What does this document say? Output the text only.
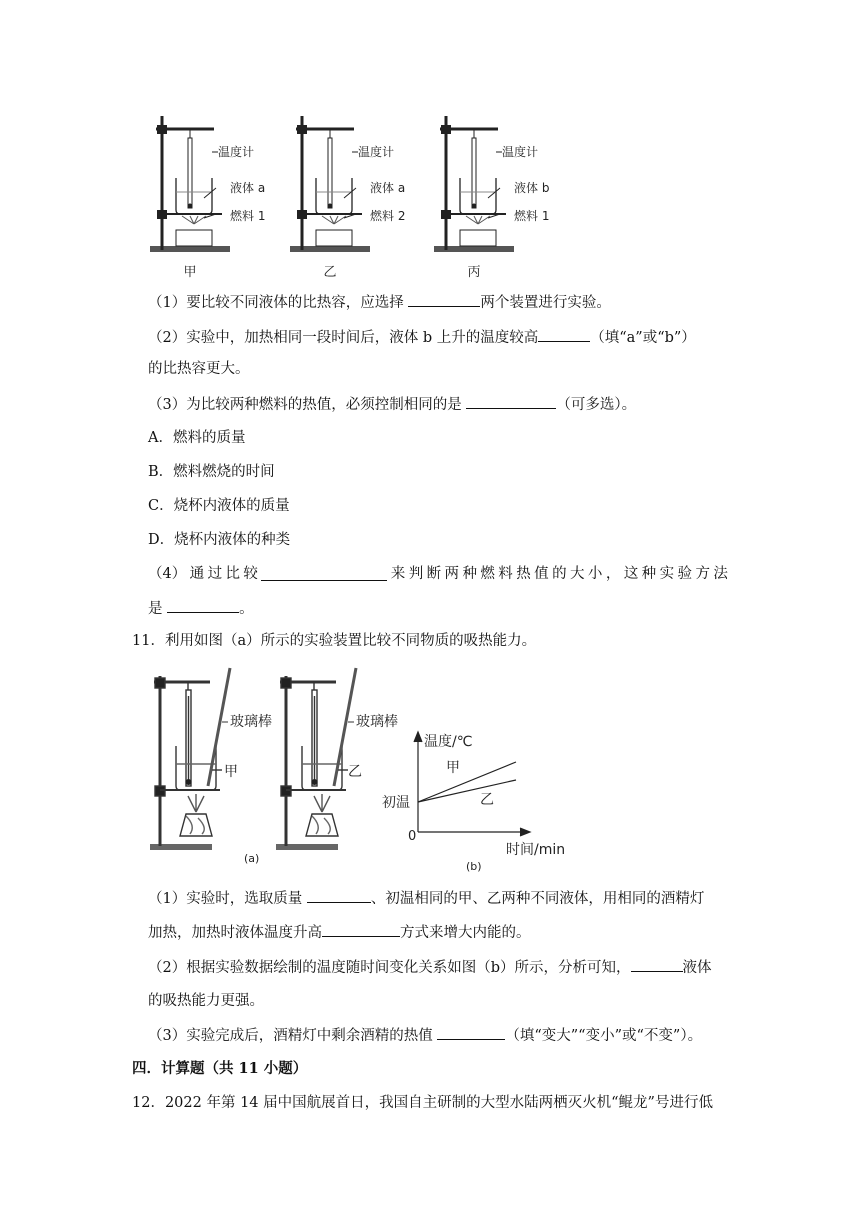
温度计
液体 a
燃料 1
甲
温度计
液体 a
燃料 2
乙
温度计
液体 b
燃料 1
丙
（1）要比较不同液体的比热容，应选择	两个装置进行实验。
（2）实验中，加热相同一段时间后，液体 b 上升的温度较高	（填“a”或“b”）
的比热容更大。
（3）为比较两种燃料的热值，必须控制相同的是	（可多选）。
A．燃料的质量
B．燃料燃烧的时间
C．烧杯内液体的质量
D．烧杯内液体的种类
（4） 通 过 比 较	来 判 断 两 种 燃 料 热 值 的 大 小 ， 这 种 实 验 方 法
是	。
11．利用如图（a）所示的实验装置比较不同物质的吸热能力。
甲
玻璃棒
乙
玻璃棒
(a)
温度/℃
时间/min
初温
0
甲
乙
(b)
（1）实验时，选取质量	、初温相同的甲、乙两种不同液体，用相同的酒精灯
加热，加热时液体温度升高	方式来增大内能的。
（2）根据实验数据绘制的温度随时间变化关系如图（b）所示，分析可知，	液体
的吸热能力更强。
（3）实验完成后，酒精灯中剩余酒精的热值	（填“变大”“变小”或“不变”）。
四．计算题（共 11 小题）
12．2022 年第 14 届中国航展首日，我国自主研制的大型水陆两栖灭火机“鲲龙”号进行低
